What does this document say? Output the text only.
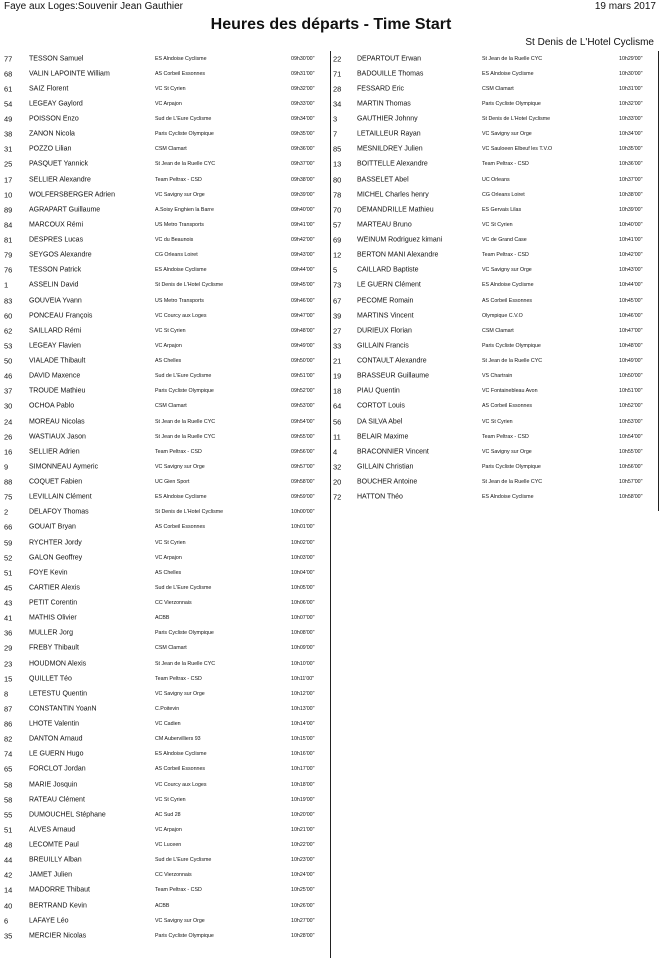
Faye aux Loges:Souvenir Jean Gauthier	19 mars 2017
Heures des départs - Time Start
St Denis de L'Hotel Cyclisme
77 TESSON Samuel	ES Alndoise Cyclisme	09h30'00"
68 VALIN LAPOINTE William	AS Corbeil Essonnes	09h31'00"
61 SAIZ Florent	VC St Cyrien	09h32'00"
54 LEGEAY Gaylord	VC Arpajon	09h33'00"
49 POISSON Enzo	Sud de L'Eure Cyclisme	09h34'00"
38 ZANON Nicola	Paris Cycliste Olympique	09h35'00"
31 POZZO Lilian	CSM Clamart	09h36'00"
25 PASQUET Yannick	St Jean de la Ruelle CYC	09h37'00"
17 SELLIER Alexandre	Team Peltrax - CSD	09h38'00"
10 WOLFERSBERGER Adrien	VC Savigny sur Orge	09h39'00"
89 AGRAPART Guillaume	A.Soisy Enghien la Barre	09h40'00"
84 MARCOUX Rémi	US Metro Transports	09h41'00"
81 DESPRES Lucas	VC du Beaunois	09h42'00"
79 SEYGOS Alexandre	CG Orleans Loiret	09h43'00"
76 TESSON Patrick	ES Alndoise Cyclisme	09h44'00"
1	ASSELIN David	St Denis de L'Hotel Cyclisme	09h45'00"
83 GOUVEIA Yvann	US Metro Transports	09h46'00"
60 PONCEAU François	VC Courcy aux Loges	09h47'00"
62 SAILLARD Rémi	VC St Cyrien	09h48'00"
53 LEGEAY Flavien	VC Arpajon	09h49'00"
50 VIALADE Thibault	AS Chelles	09h50'00"
46 DAVID Maxence	Sud de L'Eure Cyclisme	09h51'00"
37 TROUDE Mathieu	Paris Cycliste Olympique	09h52'00"
30 OCHOA Pablo	CSM Clamart	09h53'00"
24 MOREAU Nicolas	St Jean de la Ruelle CYC	09h54'00"
26 WASTIAUX Jason	St Jean de la Ruelle CYC	09h55'00"
16 SELLIER Adrien	Team Peltrax - CSD	09h56'00"
9	SIMONNEAU Aymeric	VC Savigny sur Orge	09h57'00"
88 COQUET Fabien	UC Gien Sport	09h58'00"
75 LEVILLAIN Clément	ES Alndoise Cyclisme	09h59'00"
2	DELAFOY Thomas	St Denis de L'Hotel Cyclisme	10h00'00"
66 GOUAIT Bryan	AS Corbeil Essonnes	10h01'00"
59 RYCHTER Jordy	VC St Cyrien	10h02'00"
52 GALON Geoffrey	VC Arpajon	10h03'00"
51 FOYE Kevin	AS Chelles	10h04'00"
45 CARTIER Alexis	Sud de L'Eure Cyclisme	10h05'00"
43 PETIT Corentin	CC Vierzonnais	10h06'00"
41 MATHIS Olivier	ACBB	10h07'00"
36 MULLER Jorg	Paris Cycliste Olympique	10h08'00"
29 FREBY Thibault	CSM Clamart	10h09'00"
23 HOUDMON Alexis	St Jean de la Ruelle CYC	10h10'00"
15 QUILLET Téo	Team Peltrax - CSD	10h11'00"
8	LETESTU Quentin	VC Savigny sur Orge	10h12'00"
87 CONSTANTIN YoanN	C.Poitevin	10h13'00"
86 LHOTE Valentin	VC Cadien	10h14'00"
82 DANTON Arnaud	CM Aubervilliers 93	10h15'00"
74 LE GUERN Hugo	ES Alndoise Cyclisme	10h16'00"
65 FORCLOT Jordan	AS Corbeil Essonnes	10h17'00"
58 MARIE Josquin	VC Courcy aux Loges	10h18'00"
58 RATEAU Clément	VC St Cyrien	10h19'00"
55 DUMOUCHEL Stéphane	AC Sud 28	10h20'00"
51 ALVES Arnaud	VC Arpajon	10h21'00"
48 LECOMTE Paul	VC Luceen	10h22'00"
44 BREUILLY Alban	Sud de L'Eure Cyclisme	10h23'00"
42 JAMET Julien	CC Vierzonnais	10h24'00"
14 MADORRE Thibaut	Team Peltrax - CSD	10h25'00"
40 BERTRAND Kevin	ACBB	10h26'00"
6	LAFAYE Léo	VC Savigny sur Orge	10h27'00"
35 MERCIER Nicolas	Paris Cycliste Olympique	10h28'00"
22 DEPARTOUT Erwan	St Jean de la Ruelle CYC	10h29'00"
71 BADOUILLE Thomas	ES Alndoise Cyclisme	10h30'00"
28 FESSARD Eric	CSM Clamart	10h31'00"
34 MARTIN Thomas	Paris Cycliste Olympique	10h32'00"
3	GAUTHIER Johnny	St Denis de L'Hotel Cyclisme	10h33'00"
7	LETAILLEUR Rayan	VC Savigny sur Orge	10h34'00"
85 MESNILDREY Julien	VC Sauloeen Elbeuf les T.V.O	10h35'00"
13 BOITTELLE Alexandre	Team Peltrax - CSD	10h36'00"
80 BASSELET Abel	UC Orleans	10h37'00"
78 MICHEL Charles henry	CG Orleans Loiret	10h38'00"
70 DEMANDRILLE Mathieu	ES Gervais Lilas	10h39'00"
57 MARTEAU Bruno	VC St Cyrien	10h40'00"
69 WEINUM Rodriguez kimani	VC de Grand Case	10h41'00"
12 BERTON MANI Alexandre	Team Peltrax - CSD	10h42'00"
5	CAILLARD Baptiste	VC Savigny sur Orge	10h43'00"
73 LE GUERN Clément	ES Alndoise Cyclisme	10h44'00"
67 PECOME Romain	AS Corbeil Essonnes	10h45'00"
39 MARTINS Vincent	Olympique C.V.O	10h46'00"
27 DURIEUX Florian	CSM Clamart	10h47'00"
33 GILLAIN Francis	Paris Cycliste Olympique	10h48'00"
21 CONTAULT Alexandre	St Jean de la Ruelle CYC	10h49'00"
19 BRASSEUR Guillaume	VS Chartrain	10h50'00"
18 PIAU Quentin	VC Fontainebleau Avon	10h51'00"
64 CORTOT Louis	AS Corbeil Essonnes	10h52'00"
56 DA SILVA Abel	VC St Cyrien	10h53'00"
11 BELAIR Maxime	Team Peltrax - CSD	10h54'00"
4	BRACONNIER Vincent	VC Savigny sur Orge	10h55'00"
32 GILLAIN Christian	Paris Cycliste Olympique	10h56'00"
20 BOUCHER Antoine	St Jean de la Ruelle CYC	10h57'00"
72 HATTON Théo	ES Alndoise Cyclisme	10h58'00"
